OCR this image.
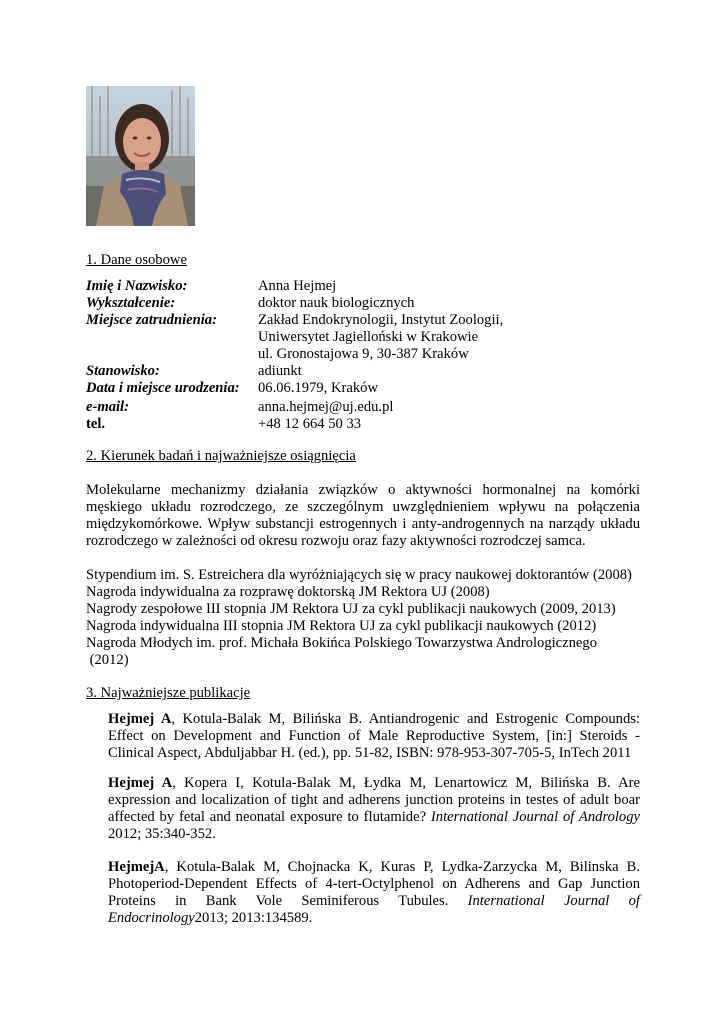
1. Dane osobowe
Imię i Nazwisko:	Anna Hejmej
Wykształcenie:	doktor nauk biologicznych
Miejsce zatrudnienia:	Zakład Endokrynologii, Instytut Zoologii,
Uniwersytet Jagielloński w Krakowie
ul. Gronostajowa 9, 30-387 Kraków
Stanowisko:	adiunkt
Data i miejsce urodzenia: 06.06.1979, Kraków
e-mail:	anna.hejmej@uj.edu.pl
tel.	+48 12 664 50 33
2. Kierunek badań i najważniejsze osiągnięcia
Molekularne mechanizmy działania związków o aktywności hormonalnej na komórki
męskiego układu rozrodczego, ze szczególnym uwzględnieniem wpływu na połączenia
międzykomórkowe. Wpływ substancji estrogennych i anty-androgennych na narządy układu
rozrodczego w zależności od okresu rozwoju oraz fazy aktywności rozrodczej samca.
Stypendium im. S. Estreichera dla wyróżniających się w pracy naukowej doktorantów (2008)
Nagroda indywidualna za rozprawę doktorską JM Rektora UJ (2008)
Nagrody zespołowe III stopnia JM Rektora UJ za cykl publikacji naukowych (2009, 2013)
Nagroda indywidualna III stopnia JM Rektora UJ za cykl publikacji naukowych (2012)
Nagroda Młodych im. prof. Michała Bokińca Polskiego Towarzystwa Andrologicznego
(2012)
3. Najważniejsze publikacje
Hejmej A, Kotula-Balak M, Bilińska B. Antiandrogenic and Estrogenic Compounds:
Effect on Development and Function of Male Reproductive System, [in:] Steroids -
Clinical Aspect, Abduljabbar H. (ed.), pp. 51-82, ISBN: 978-953-307-705-5, InTech 2011
Hejmej A, Kopera I, Kotula-Balak M, Łydka M, Lenartowicz M, Bilińska B. Are
expression and localization of tight and adherens junction proteins in testes of adult boar
affected by fetal and neonatal exposure to flutamide? International Journal of Andrology
2012; 35:340-352.
HejmejA, Kotula-Balak M, Chojnacka K, Kuras P, Lydka-Zarzycka M, Bilinska B.
Photoperiod-Dependent Effects of 4-tert-Octylphenol on Adherens and Gap Junction
Proteins in Bank Vole Seminiferous Tubules. International Journal of
Endocrinology2013; 2013:134589.
